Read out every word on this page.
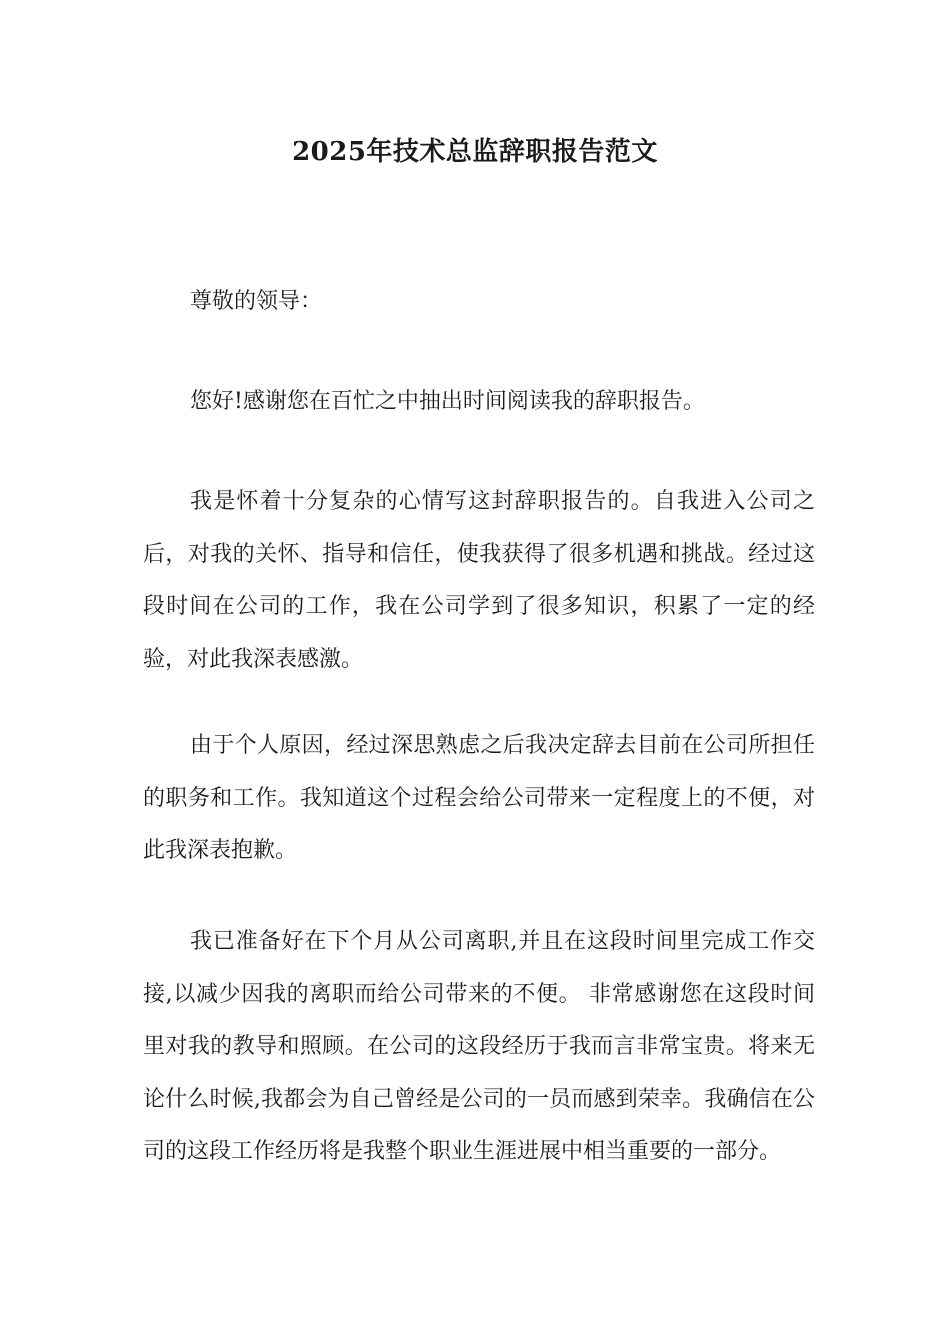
2025年技术总监辞职报告范文

尊敬的领导：

您好!感谢您在百忙之中抽出时间阅读我的辞职报告。

我是怀着十分复杂的心情写这封辞职报告的。自我进入公司之后，对我的关怀、指导和信任，使我获得了很多机遇和挑战。经过这段时间在公司的工作，我在公司学到了很多知识，积累了一定的经验，对此我深表感激。

由于个人原因，经过深思熟虑之后我决定辞去目前在公司所担任的职务和工作。我知道这个过程会给公司带来一定程度上的不便，对此我深表抱歉。

我已准备好在下个月从公司离职,并且在这段时间里完成工作交接,以减少因我的离职而给公司带来的不便。 非常感谢您在这段时间里对我的教导和照顾。在公司的这段经历于我而言非常宝贵。将来无论什么时候,我都会为自己曾经是公司的一员而感到荣幸。我确信在公司的这段工作经历将是我整个职业生涯进展中相当重要的一部分。
